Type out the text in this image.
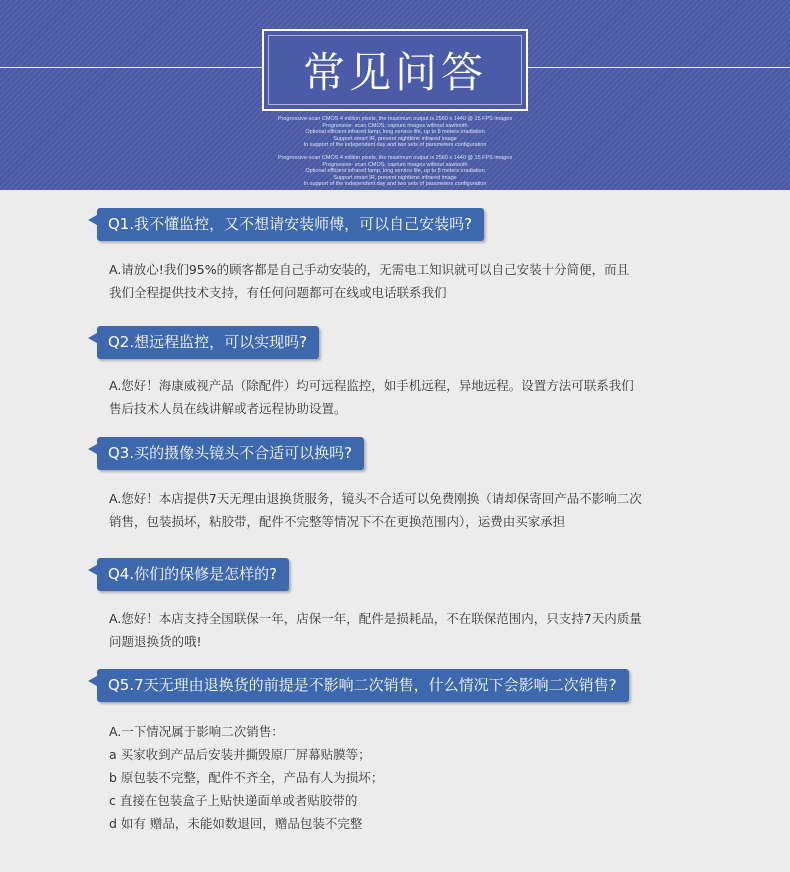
常见问答
Progressive-scan CMOS 4 million pixels, the maximum output is 2560 x 1440 @ 15 FPS images
Progressive- scan CMOS, capture images without sawtooth
Optional efficient infrared lamp, long service life, up to 8 meters irradiation
Support smart IR, prevent nighttime infrared image
In support of the independent day and two sets of parameters configuration
Progressive-scan CMOS 4 million pixels, the maximum output is 2560 x 1440 @ 15 FPS images
Progressive- scan CMOS, capture images without sawtooth
Optional efficient infrared lamp, long service life, up to 8 meters irradiation
Support smart IR, prevent nighttime infrared image
In support of the independent day and two sets of parameters configuration
Q1.我不懂监控，又不想请安装师傅，可以自己安装吗?
A.请放心!我们95%的顾客都是自己手动安装的，无需电工知识就可以自己安装十分简便，而且
我们全程提供技术支持，有任何问题都可在线或电话联系我们
Q2.想远程监控，可以实现吗?
A.您好！海康威视产品（除配件）均可远程监控，如手机远程，异地远程。设置方法可联系我们
售后技术人员在线讲解或者远程协助设置。
Q3.买的摄像头镜头不合适可以换吗?
A.您好！本店提供7天无理由退换货服务，镜头不合适可以免费刚换（请却保寄回产品不影响二次
销售，包装损坏，粘胶带，配件不完整等情况下不在更换范围内），运费由买家承担
Q4.你们的保修是怎样的?
A.您好！本店支持全国联保一年，店保一年，配件是损耗品，不在联保范围内，只支持7天内质量
问题退换货的哦!
Q5.7天无理由退换货的前提是不影响二次销售，什么情况下会影响二次销售?
A.一下情况属于影响二次销售：
a 买家收到产品后安装并撕毁原厂屏幕贴膜等；
b 原包装不完整，配件不齐全，产品有人为损坏；
c 直接在包装盒子上贴快递面单或者贴胶带的
d 如有 赠品，未能如数退回，赠品包装不完整
